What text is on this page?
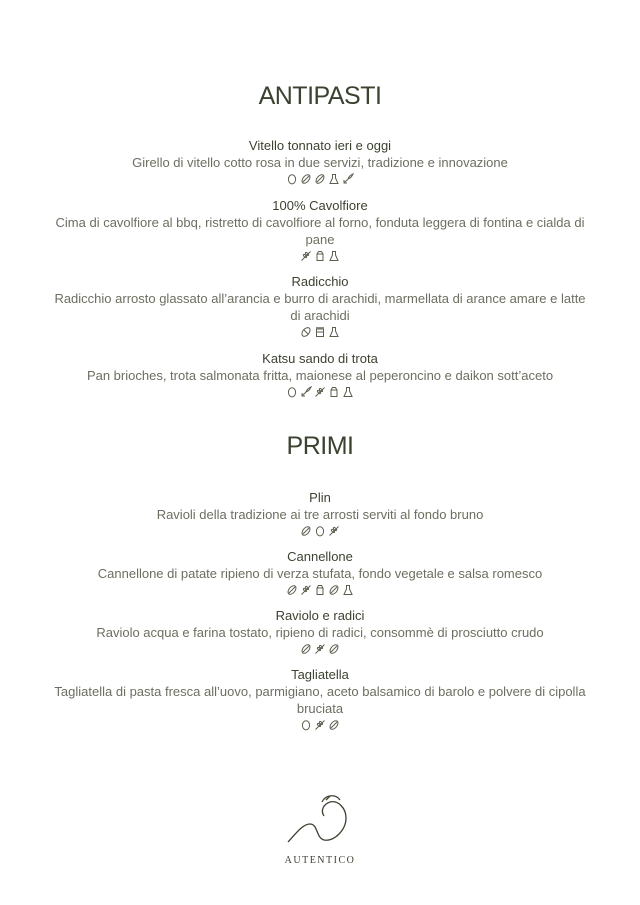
ANTIPASTI

Vitello tonnato ieri e oggi

Girello di vitello cotto rosa in due servizi, tradizione e innovazione

100% Cavolfiore

Cima di cavolfiore al bbq, ristretto di cavolfiore al forno, fonduta leggera di fontina e cialda di pane

Radicchio

Radicchio arrosto glassato all’arancia e burro di arachidi, marmellata di arance amare e latte di arachidi

Katsu sando di trota

Pan brioches, trota salmonata fritta, maionese al peperoncino e daikon sott’aceto

PRIMI

Plin

Ravioli della tradizione ai tre arrosti serviti al fondo bruno

Cannellone

Cannellone di patate ripieno di verza stufata, fondo vegetale e salsa romesco

Raviolo e radici

Raviolo acqua e farina tostato, ripieno di radici, consommè di prosciutto crudo

Tagliatella

Tagliatella di pasta fresca all’uovo, parmigiano, aceto balsamico di barolo e polvere di cipolla bruciata

AUTENTICO
